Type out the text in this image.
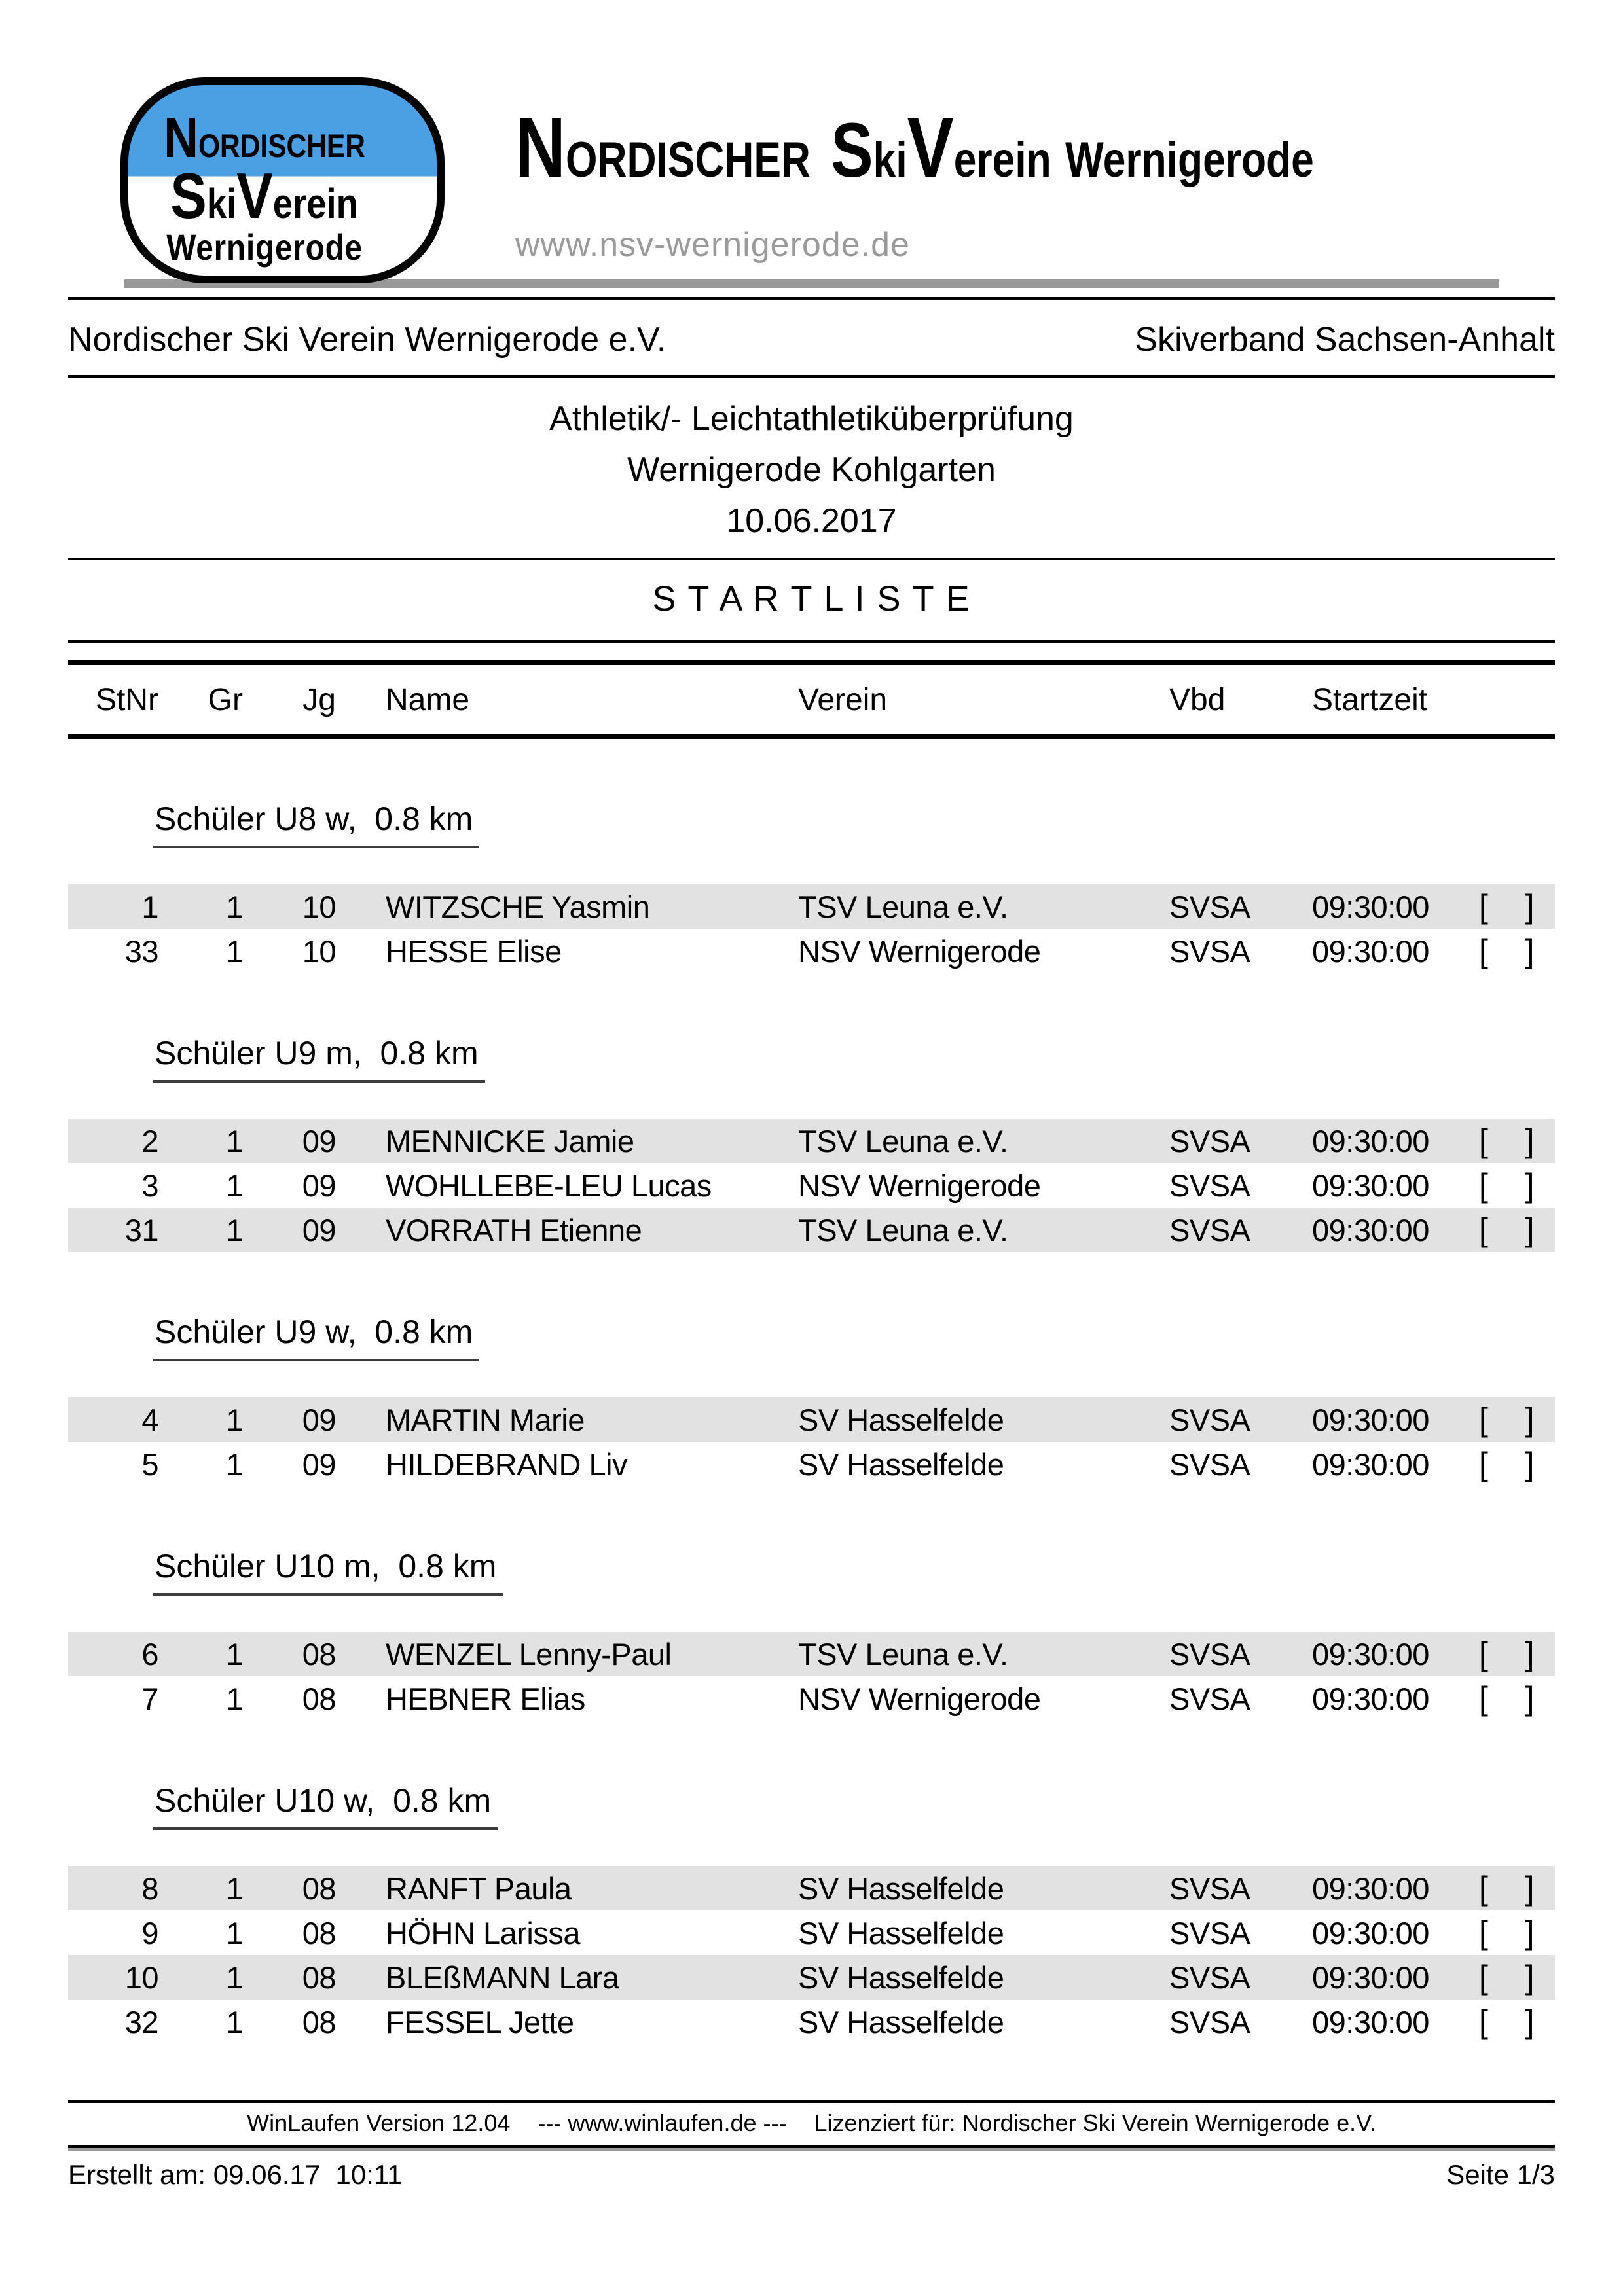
N ORDISCHER
S ki V erein
Wernigerode
NORDISCHER SkiVerein Wernigerode
www.nsv-wernigerode.de
Nordischer Ski Verein Wernigerode e.V.	Skiverband Sachsen-Anhalt
Athletik/- Leichtathletiküberprüfung
Wernigerode Kohlgarten
10.06.2017
S T A R T L I S T E
StNr	Gr	Jg	Name	Verein	Vbd	Startzeit
Schüler U8 w,  0.8 km
1	1	10	WITZSCHE Yasmin	TSV Leuna e.V.	SVSA	09:30:00	[ ]
33	1	10	HESSE Elise	NSV Wernigerode	SVSA	09:30:00	[ ]
Schüler U9 m,  0.8 km
2	1	09	MENNICKE Jamie	TSV Leuna e.V.	SVSA	09:30:00	[ ]
3	1	09	WOHLLEBE-LEU Lucas	NSV Wernigerode	SVSA	09:30:00	[ ]
31	1	09	VORRATH Etienne	TSV Leuna e.V.	SVSA	09:30:00	[ ]
Schüler U9 w,  0.8 km
4	1	09	MARTIN Marie	SV Hasselfelde	SVSA	09:30:00	[ ]
5	1	09	HILDEBRAND Liv	SV Hasselfelde	SVSA	09:30:00	[ ]
Schüler U10 m,  0.8 km
6	1	08	WENZEL Lenny-Paul	TSV Leuna e.V.	SVSA	09:30:00	[ ]
7	1	08	HEBNER Elias	NSV Wernigerode	SVSA	09:30:00	[ ]
Schüler U10 w,  0.8 km
8	1	08	RANFT Paula	SV Hasselfelde	SVSA	09:30:00	[ ]
9	1	08	HÖHN Larissa	SV Hasselfelde	SVSA	09:30:00	[ ]
10	1	08	BLEßMANN Lara	SV Hasselfelde	SVSA	09:30:00	[ ]
32	1	08	FESSEL Jette	SV Hasselfelde	SVSA	09:30:00	[ ]
WinLaufen Version 12.04 --- www.winlaufen.de --- Lizenziert für: Nordischer Ski Verein Wernigerode e.V.
Erstellt am: 09.06.17  10:11	Seite 1/3
